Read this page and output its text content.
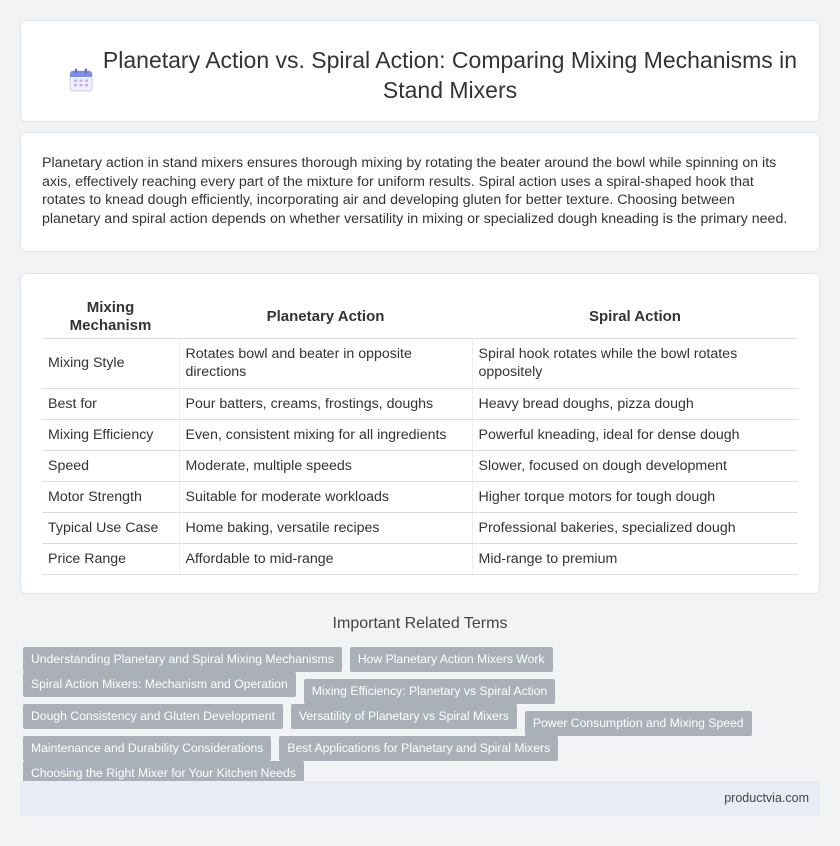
Planetary Action vs. Spiral Action: Comparing Mixing Mechanisms in Stand Mixers

Planetary action in stand mixers ensures thorough mixing by rotating the beater around the bowl while spinning on its axis, effectively reaching every part of the mixture for uniform results. Spiral action uses a spiral-shaped hook that rotates to knead dough efficiently, incorporating air and developing gluten for better texture. Choosing between planetary and spiral action depends on whether versatility in mixing or specialized dough kneading is the primary need.

Mixing Mechanism	Planetary Action	Spiral Action
Mixing Style	Rotates bowl and beater in opposite directions	Spiral hook rotates while the bowl rotates oppositely
Best for	Pour batters, creams, frostings, doughs	Heavy bread doughs, pizza dough
Mixing Efficiency	Even, consistent mixing for all ingredients	Powerful kneading, ideal for dense dough
Speed	Moderate, multiple speeds	Slower, focused on dough development
Motor Strength	Suitable for moderate workloads	Higher torque motors for tough dough
Typical Use Case	Home baking, versatile recipes	Professional bakeries, specialized dough
Price Range	Affordable to mid-range	Mid-range to premium
Important Related Terms
Understanding Planetary and Spiral Mixing Mechanisms	How Planetary Action Mixers Work
Spiral Action Mixers: Mechanism and Operation	Mixing Efficiency: Planetary vs Spiral Action
Dough Consistency and Gluten Development	Versatility of Planetary vs Spiral Mixers	Power Consumption and Mixing Speed
Maintenance and Durability Considerations	Best Applications for Planetary and Spiral Mixers
Choosing the Right Mixer for Your Kitchen Needs
productvia.com
